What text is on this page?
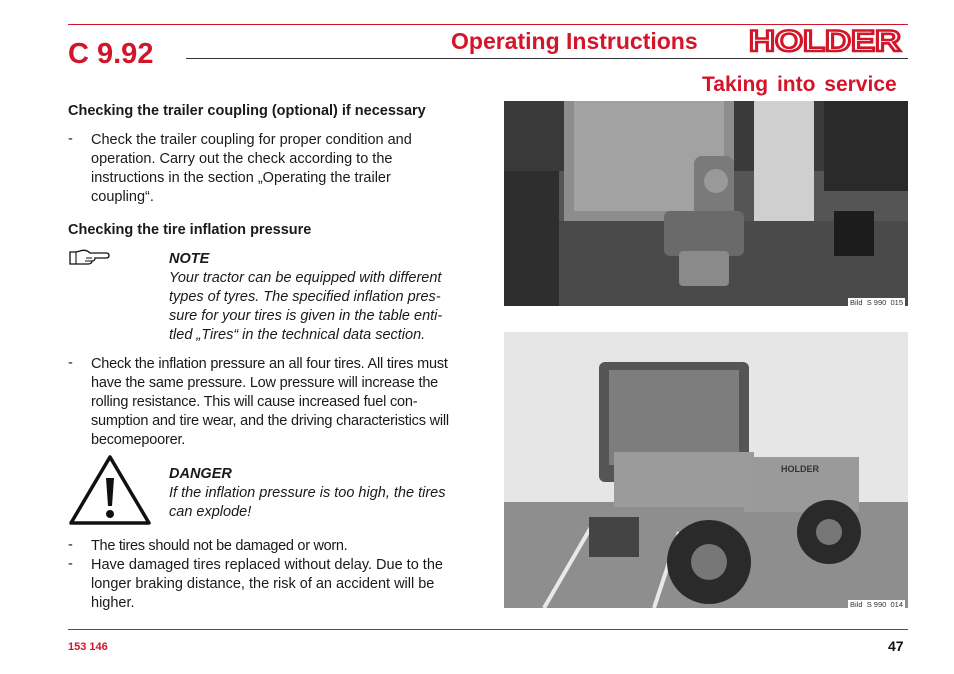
C 9.92	Operating Instructions HOLDER
Taking into service
Checking the trailer coupling (optional) if necessary
- Check the trailer coupling for proper condition and
operation. Carry out the check according to the
instructions in the section „Operating the trailer
coupling“.
Checking the tire inflation pressure
NOTE
Your tractor can be equipped with different
types of tyres. The specified inflation pres-
sure for your tires is given in the table enti-
tled „Tires“ in the technical data section.
- Check the inflation pressure an all four tires. All tires must
have the same pressure. Low pressure will increase the
rolling resistance. This will cause increased fuel con-
sumption and tire wear, and the driving characteristics will
becomepoorer.
DANGER
If the inflation pressure is too high, the tires
can explode!
- The tires should not be damaged or worn.
- Have damaged tires replaced without delay. Due to the
longer braking distance, the risk of an accident will be
higher.
Bild_S 990_015
HOLDER
Bild_S 990_014
153 146	47
